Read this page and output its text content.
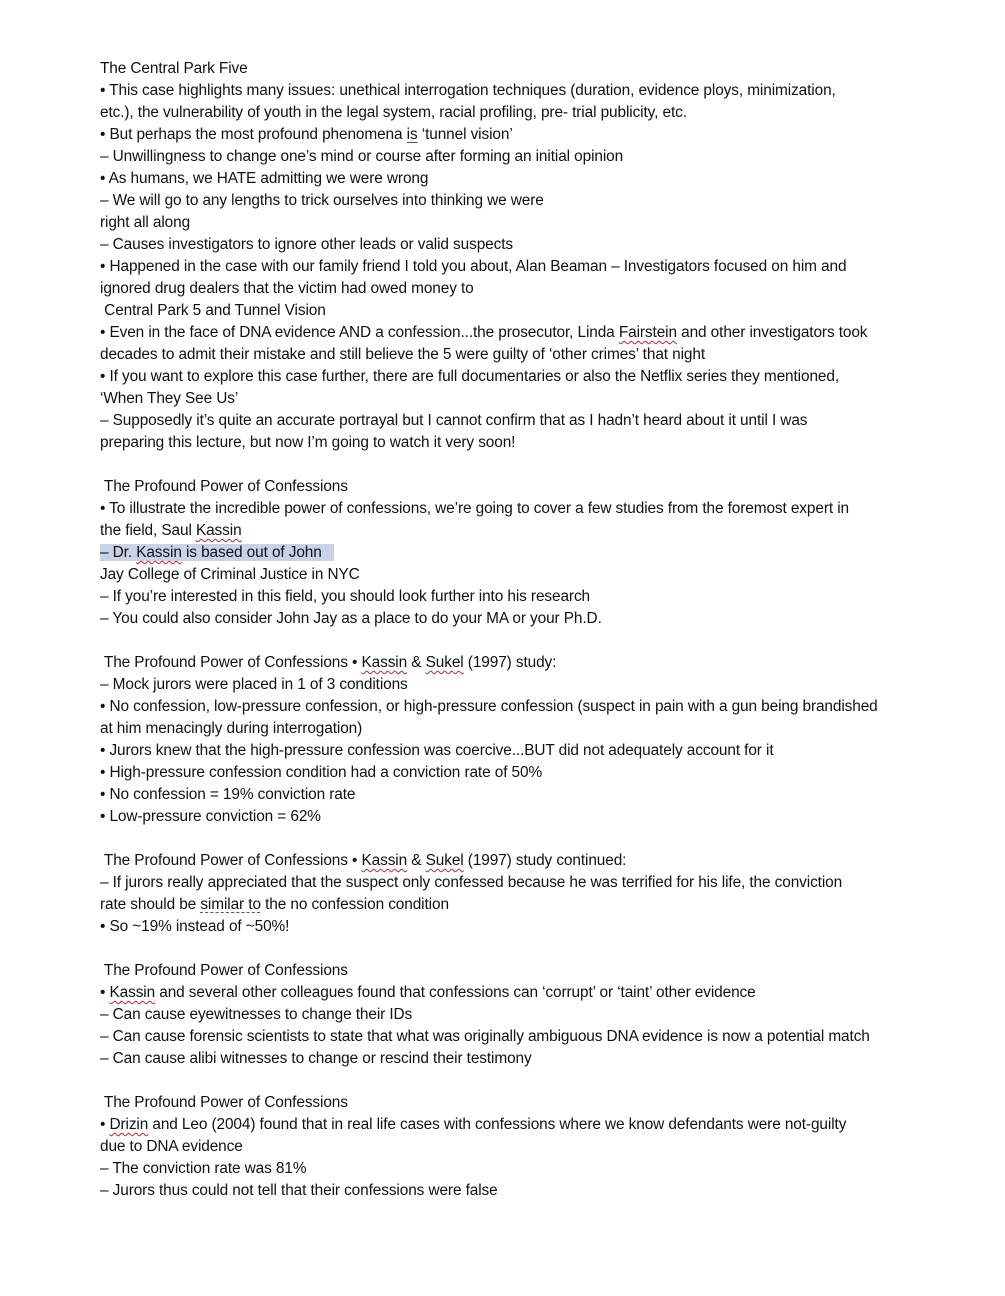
The Central Park Five
• This case highlights many issues: unethical interrogation techniques (duration, evidence ploys, minimization,
etc.), the vulnerability of youth in the legal system, racial profiling, pre- trial publicity, etc.
• But perhaps the most profound phenomena is ‘tunnel vision’
– Unwillingness to change one’s mind or course after forming an initial opinion
• As humans, we HATE admitting we were wrong
– We will go to any lengths to trick ourselves into thinking we were
right all along
– Causes investigators to ignore other leads or valid suspects
• Happened in the case with our family friend I told you about, Alan Beaman – Investigators focused on him and
ignored drug dealers that the victim had owed money to
Central Park 5 and Tunnel Vision
• Even in the face of DNA evidence AND a confession...the prosecutor, Linda Fairstein and other investigators took
decades to admit their mistake and still believe the 5 were guilty of ‘other crimes’ that night
• If you want to explore this case further, there are full documentaries or also the Netflix series they mentioned,
‘When They See Us’
– Supposedly it’s quite an accurate portrayal but I cannot confirm that as I hadn’t heard about it until I was
preparing this lecture, but now I’m going to watch it very soon!
The Profound Power of Confessions
• To illustrate the incredible power of confessions, we’re going to cover a few studies from the foremost expert in
the field, Saul Kassin
– Dr. Kassin is based out of John
Jay College of Criminal Justice in NYC
– If you’re interested in this field, you should look further into his research
– You could also consider John Jay as a place to do your MA or your Ph.D.
The Profound Power of Confessions • Kassin & Sukel (1997) study:
– Mock jurors were placed in 1 of 3 conditions
• No confession, low-pressure confession, or high-pressure confession (suspect in pain with a gun being brandished
at him menacingly during interrogation)
• Jurors knew that the high-pressure confession was coercive...BUT did not adequately account for it
• High-pressure confession condition had a conviction rate of 50%
• No confession = 19% conviction rate
• Low-pressure conviction = 62%
The Profound Power of Confessions • Kassin & Sukel (1997) study continued:
– If jurors really appreciated that the suspect only confessed because he was terrified for his life, the conviction
rate should be similar to the no confession condition
• So ~19% instead of ~50%!
The Profound Power of Confessions
• Kassin and several other colleagues found that confessions can ‘corrupt’ or ‘taint’ other evidence
– Can cause eyewitnesses to change their IDs
– Can cause forensic scientists to state that what was originally ambiguous DNA evidence is now a potential match
– Can cause alibi witnesses to change or rescind their testimony
The Profound Power of Confessions
• Drizin and Leo (2004) found that in real life cases with confessions where we know defendants were not-guilty
due to DNA evidence
– The conviction rate was 81%
– Jurors thus could not tell that their confessions were false
